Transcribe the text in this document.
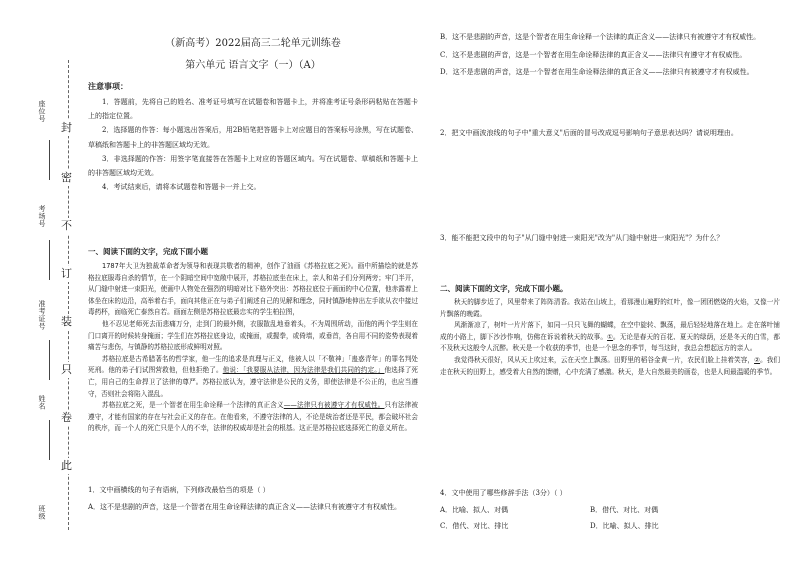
封
密
不
订
装
只
卷
此
座位号
考场号
准考证号
姓名
班级
（新高考）2022届高三二轮单元训练卷
第六单元 语言文字（一）（A）
注意事项：

1．答题前，先将自己的姓名、准考证号填写在试题卷和答题卡上，并将准考证号条形码粘贴在答题卡上的指定位置。

2．选择题的作答：每小题选出答案后，用2B铅笔把答题卡上对应题目的答案标号涂黑，写在试题卷、草稿纸和答题卡上的非答题区域均无效。

3．非选择题的作答：用签字笔直接答在答题卡上对应的答题区域内。写在试题卷、草稿纸和答题卡上的非答题区域均无效。

4．考试结束后，请将本试题卷和答题卡一并上交。

一、阅读下面的文字，完成下面小题

1787年大卫为独裁革命者为领导和表现共敬者的精神，创作了油画《苏格拉底之死》。画中所描绘的就是苏格拉底服毒自杀的情节，在一个阴暗空间中宽敞中展开，苏格拉底坐在床上，亲人和弟子们分列两旁；牢门半开，从门缝中射进一束阳光，使画中人物处在强烈的明暗对比下格外突出：苏格拉底位于画面的中心位置，他赤露着上体坐在床的边沿，高举着右手，面向其他正在与弟子们阐述自己的见解和理念，同时镇静地伸出左手欲从衣中接过毒药杯，面临死亡泰然自若。画面左侧是苏格拉底最忠实的学生柏拉图，

他不忍见老师死去而悲痛万分，走到门的最外侧，衣服散乱地垂着头，不为周围所动，而他的两个学生则在门口离开的时候转身掩面；学生们在苏格拉底身边，或掩面，或握拳，或倚墙，或垂首，各自用不同的姿势表现着痛苦与悲伤，与镇静的苏格拉底形成鲜明对照。

苏格拉底是古希腊著名的哲学家，他一生的追求是真理与正义，他被人以「不敬神」「蛊惑青年」的罪名判处死刑。他的弟子们试图营救他，但他拒绝了。他说：「我要服从法律，因为法律是我们共同的约定。」他选择了死亡，用自己的生命捍卫了法律的尊严。苏格拉底认为，遵守法律是公民的义务，即使法律是不公正的，也应当遵守，否则社会将陷入混乱。

苏格拉底之死，是一个智者在用生命诠释一个法律的真正含义——法律只有被遵守才有权威性。只有法律被遵守，才能有国家的存在与社会正义的存在。在他看来，不遵守法律的人，不论是统治者还是平民，都会破坏社会的秩序，而一个人的死亡只是个人的不幸，法律的权威却是社会的根基。这正是苏格拉底选择死亡的意义所在。

1．文中画横线的句子有语病，下列修改最恰当的项是（ ）

A．这不是悲剧的声音，这是一个智者在用生命诠释法律的真正含义——法律只有被遵守才有权威性。

B．这不是悲剧的声音，这是个智者在用生命诠释一个法律的真正含义——法律只有被遵守才有权威性。

C．这不是悲剧的声音，这是一个智者在用生命诠释法律的真正含义——法律只有遵守才有权威性。

D．这不是悲剧的声音，这是一个智者在用生命诠释法律的真正含义——法律只有被遵守才有权威性。

2．把文中画波浪线的句子中"重大意义"后面的冒号改成逗号影响句子意思表达吗？请说明理由。

3．能不能把文段中的句子"从门缝中射进一束阳光"改为"从门缝中射进一束阳光"？为什么？

二、阅读下面的文字，完成下面小题。

秋天的脚步近了，风里带来了阵阵清香。我站在山坡上，看那漫山遍野的红叶，像一团团燃烧的火焰，又像一片片飘落的晚霞。

风渐渐凉了，树叶一片片落下，如同一只只飞舞的蝴蝶，在空中旋转、飘荡，最后轻轻地落在地上。走在落叶铺成的小路上，脚下沙沙作响，仿佛在诉说着秋天的故事。①。无论是春天的百花、夏天的绿荫，还是冬天的白雪，都不及秋天这般令人沉醉。秋天是一个收获的季节，也是一个思念的季节，每当这时，我总会想起远方的亲人。

我觉得秋天很好，风从天上吹过来，云在天空上飘荡。田野里的稻谷金黄一片，农民们脸上挂着笑容，②。我们走在秋天的田野上，感受着大自然的馈赠，心中充满了感激。秋天，是大自然最美的画卷，也是人间最温暖的季节。

4．文中使用了哪些修辞手法（3分）（ ）

A．比喻、拟人、对偶	B．借代、对比、对偶
C．借代、对比、排比	D．比喻、拟人、排比
